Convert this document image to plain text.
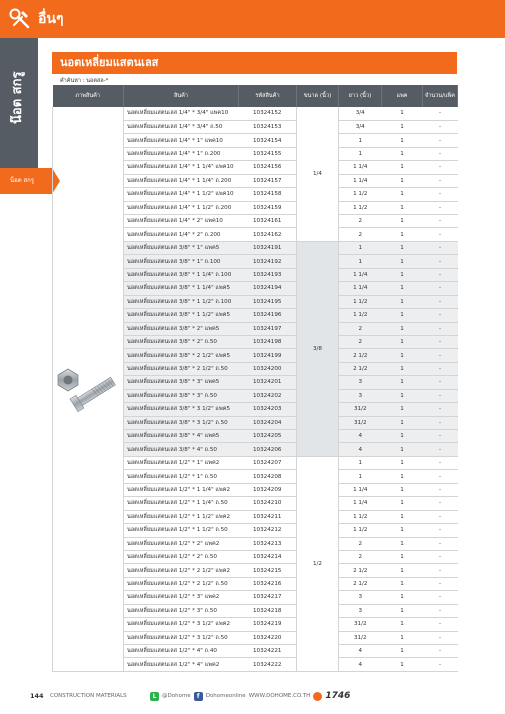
อื่นๆ
น๊อต สกรู
น็อต สกรู
นอตเหลี่ยมแสตนเลส
คำค้นหา : นอตสล-*
ภาพสินค้า	สินค้า	รหัสสินค้า	ขนาด (นิ้ว)	ยาว (นิ้ว)	แพค	จำนวน/แพ็ค
	นอตเหลี่ยมแสตนเลส 1/4" * 3/4" แพค10	10324152	1/4	3/4	1	-
	นอตเหลี่ยมแสตนเลส 1/4" * 3/4" ถ.50	10324153		3/4	1	-
	นอตเหลี่ยมแสตนเลส 1/4" * 1" แพค10	10324154		1	1	-
	นอตเหลี่ยมแสตนเลส 1/4" * 1" ถ.200	10324155		1	1	-
	นอตเหลี่ยมแสตนเลส 1/4" * 1 1/4" แพค10	10324156		1 1/4	1	-
	นอตเหลี่ยมแสตนเลส 1/4" * 1 1/4" ถ.200	10324157		1 1/4	1	-
	นอตเหลี่ยมแสตนเลส 1/4" * 1 1/2" แพค10	10324158		1 1/2	1	-
	นอตเหลี่ยมแสตนเลส 1/4" * 1 1/2" ถ.200	10324159		1 1/2	1	-
	นอตเหลี่ยมแสตนเลส 1/4" * 2" แพค10	10324161		2	1	-
	นอตเหลี่ยมแสตนเลส 1/4" * 2" ถ.200	10324162		2	1	-
	นอตเหลี่ยมแสตนเลส 3/8" * 1" แพค5	10324191	3/8	1	1	-
	นอตเหลี่ยมแสตนเลส 3/8" * 1" ถ.100	10324192		1	1	-
	นอตเหลี่ยมแสตนเลส 3/8" * 1 1/4" ถ.100	10324193		1 1/4	1	-
	นอตเหลี่ยมแสตนเลส 3/8" * 1 1/4" แพค5	10324194		1 1/4	1	-
	นอตเหลี่ยมแสตนเลส 3/8" * 1 1/2" ถ.100	10324195		1 1/2	1	-
	นอตเหลี่ยมแสตนเลส 3/8" * 1 1/2" แพค5	10324196		1 1/2	1	-
	นอตเหลี่ยมแสตนเลส 3/8" * 2" แพค5	10324197		2	1	-
	นอตเหลี่ยมแสตนเลส 3/8" * 2" ถ.50	10324198		2	1	-
	นอตเหลี่ยมแสตนเลส 3/8" * 2 1/2" แพค5	10324199		2 1/2	1	-
	นอตเหลี่ยมแสตนเลส 3/8" * 2 1/2" ถ.50	10324200		2 1/2	1	-
	นอตเหลี่ยมแสตนเลส 3/8" * 3" แพค5	10324201		3	1	-
	นอตเหลี่ยมแสตนเลส 3/8" * 3" ถ.50	10324202		3	1	-
	นอตเหลี่ยมแสตนเลส 3/8" * 3 1/2" แพค5	10324203		31/2	1	-
	นอตเหลี่ยมแสตนเลส 3/8" * 3 1/2" ถ.50	10324204		31/2	1	-
	นอตเหลี่ยมแสตนเลส 3/8" * 4" แพค5	10324205		4	1	-
	นอตเหลี่ยมแสตนเลส 3/8" * 4" ถ.50	10324206		4	1	-
	นอตเหลี่ยมแสตนเลส 1/2" * 1" แพค2	10324207	1/2	1	1	-
	นอตเหลี่ยมแสตนเลส 1/2" * 1" ถ.50	10324208		1	1	-
	นอตเหลี่ยมแสตนเลส 1/2" * 1 1/4" แพค2	10324209		1 1/4	1	-
	นอตเหลี่ยมแสตนเลส 1/2" * 1 1/4" ถ.50	10324210		1 1/4	1	-
	นอตเหลี่ยมแสตนเลส 1/2" * 1 1/2" แพค2	10324211		1 1/2	1	-
	นอตเหลี่ยมแสตนเลส 1/2" * 1 1/2" ถ.50	10324212		1 1/2	1	-
	นอตเหลี่ยมแสตนเลส 1/2" * 2" แพค2	10324213		2	1	-
	นอตเหลี่ยมแสตนเลส 1/2" * 2" ถ.50	10324214		2	1	-
	นอตเหลี่ยมแสตนเลส 1/2" * 2 1/2" แพค2	10324215		2 1/2	1	-
	นอตเหลี่ยมแสตนเลส 1/2" * 2 1/2" ถ.50	10324216		2 1/2	1	-
	นอตเหลี่ยมแสตนเลส 1/2" * 3" แพค2	10324217		3	1	-
	นอตเหลี่ยมแสตนเลส 1/2" * 3" ถ.50	10324218		3	1	-
	นอตเหลี่ยมแสตนเลส 1/2" * 3 1/2" แพค2	10324219		31/2	1	-
	นอตเหลี่ยมแสตนเลส 1/2" * 3 1/2" ถ.50	10324220		31/2	1	-
	นอตเหลี่ยมแสตนเลส 1/2" * 4" ถ.40	10324221		4	1	-
	นอตเหลี่ยมแสตนเลส 1/2" * 4" แพค2	10324222		4	1	-
144 CONSTRUCTION MATERIALS	L	@Dohome	f	Dohomeonline WWW.DOHOME.CO.TH 1746
